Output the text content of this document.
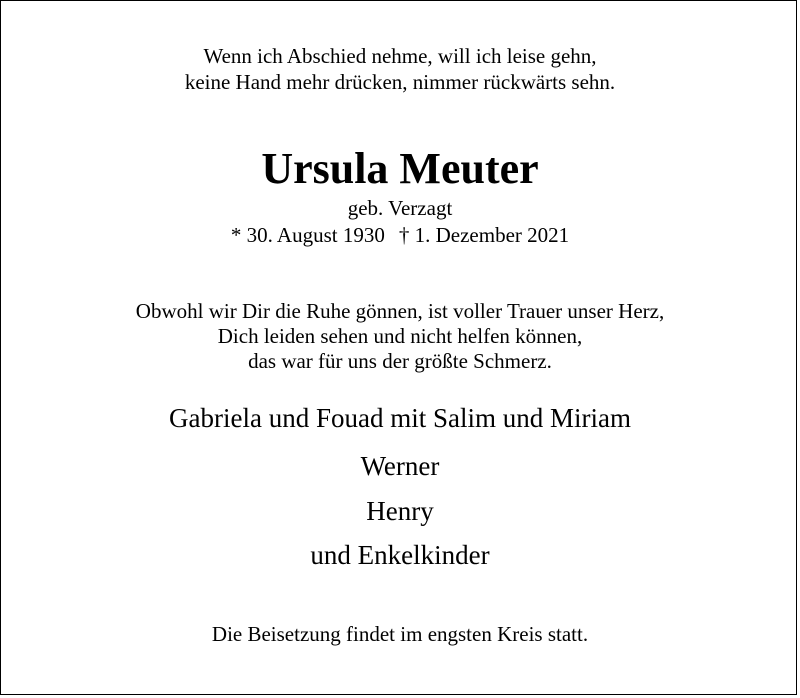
Wenn ich Abschied nehme, will ich leise gehn,
keine Hand mehr drücken, nimmer rückwärts sehn.
Ursula Meuter
geb. Verzagt
* 30. August 1930 † 1. Dezember 2021
Obwohl wir Dir die Ruhe gönnen, ist voller Trauer unser Herz,
Dich leiden sehen und nicht helfen können,
das war für uns der größte Schmerz.
Gabriela und Fouad mit Salim und Miriam
Werner
Henry
und Enkelkinder
Die Beisetzung findet im engsten Kreis statt.
